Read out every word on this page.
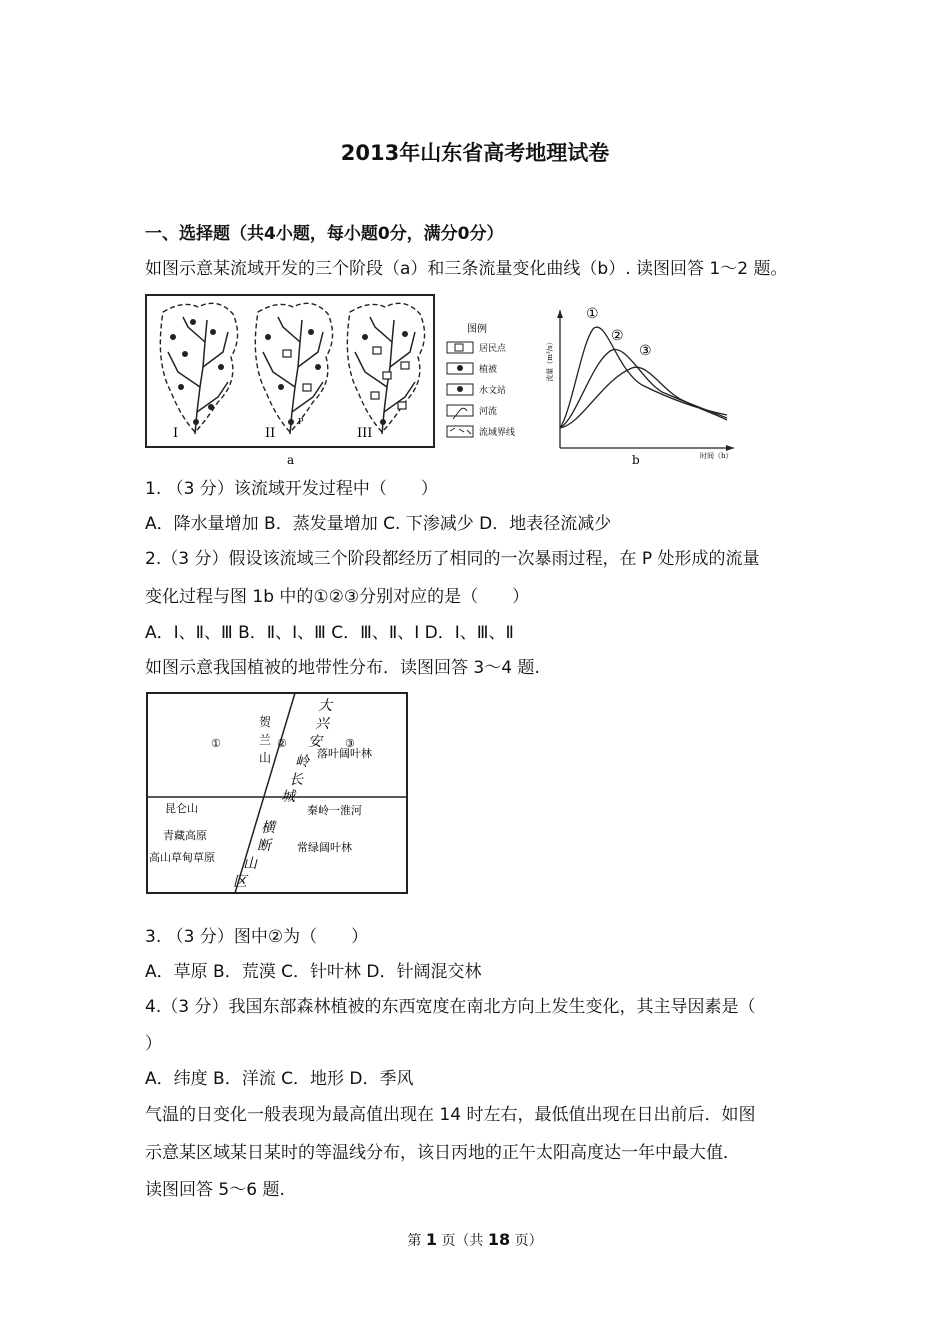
2013年山东省高考地理试卷
一、选择题（共4小题，每小题0分，满分0分）
如图示意某流域开发的三个阶段（a）和三条流量变化曲线（b）. 读图回答 1～2 题。
P
I	II	III
a
图例
居民点
植被
水文站
河流
流域界线
流量（m³/s）
时间（h）
①
②
③
b
1. （3 分）该流域开发过程中（　　）
A．降水量增加 B．蒸发量增加 C. 下渗减少 D．地表径流减少
2.（3 分）假设该流域三个阶段都经历了相同的一次暴雨过程，在 P 处形成的流量
变化过程与图 1b 中的①②③分别对应的是（　　）
A．Ⅰ、Ⅱ、Ⅲ B．Ⅱ、Ⅰ、Ⅲ C．Ⅲ、Ⅱ、Ⅰ D．Ⅰ、Ⅲ、Ⅱ
如图示意我国植被的地带性分布．读图回答 3～4 题.
①	②	③
贺
兰
山
大
兴
安
岭
长
城
横
断
山
区
落叶阔叶林
昆仑山
青藏高原
高山草甸草原
秦岭一淮河
常绿阔叶林
3. （3 分）图中②为（　　）
A．草原 B．荒漠 C．针叶林 D．针阔混交林
4.（3 分）我国东部森林植被的东西宽度在南北方向上发生变化，其主导因素是（
）
A．纬度 B．洋流 C．地形 D．季风
气温的日变化一般表现为最高值出现在 14 时左右，最低值出现在日出前后．如图
示意某区域某日某时的等温线分布，该日丙地的正午太阳高度达一年中最大值．
读图回答 5～6 题.
第 1 页（共 18 页）
